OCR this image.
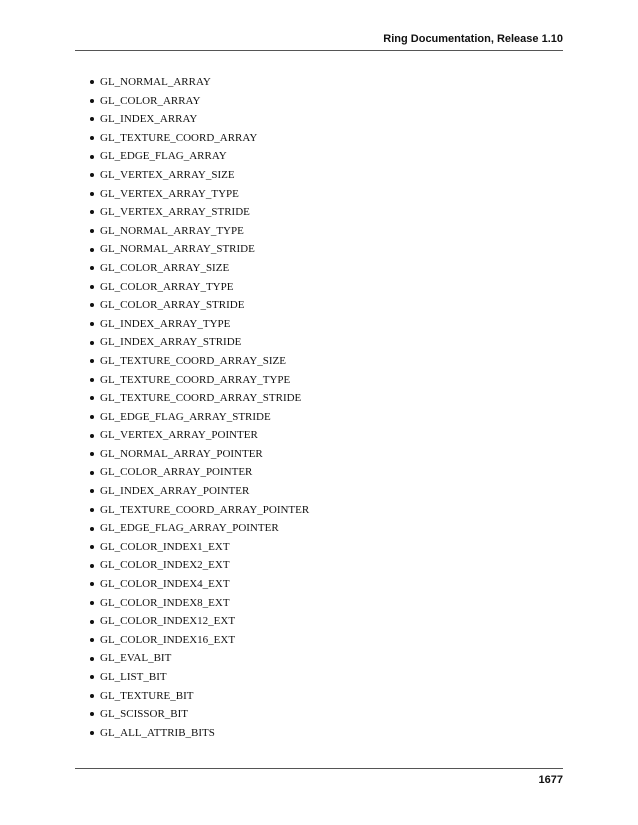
Ring Documentation, Release 1.10
GL_NORMAL_ARRAY
GL_COLOR_ARRAY
GL_INDEX_ARRAY
GL_TEXTURE_COORD_ARRAY
GL_EDGE_FLAG_ARRAY
GL_VERTEX_ARRAY_SIZE
GL_VERTEX_ARRAY_TYPE
GL_VERTEX_ARRAY_STRIDE
GL_NORMAL_ARRAY_TYPE
GL_NORMAL_ARRAY_STRIDE
GL_COLOR_ARRAY_SIZE
GL_COLOR_ARRAY_TYPE
GL_COLOR_ARRAY_STRIDE
GL_INDEX_ARRAY_TYPE
GL_INDEX_ARRAY_STRIDE
GL_TEXTURE_COORD_ARRAY_SIZE
GL_TEXTURE_COORD_ARRAY_TYPE
GL_TEXTURE_COORD_ARRAY_STRIDE
GL_EDGE_FLAG_ARRAY_STRIDE
GL_VERTEX_ARRAY_POINTER
GL_NORMAL_ARRAY_POINTER
GL_COLOR_ARRAY_POINTER
GL_INDEX_ARRAY_POINTER
GL_TEXTURE_COORD_ARRAY_POINTER
GL_EDGE_FLAG_ARRAY_POINTER
GL_COLOR_INDEX1_EXT
GL_COLOR_INDEX2_EXT
GL_COLOR_INDEX4_EXT
GL_COLOR_INDEX8_EXT
GL_COLOR_INDEX12_EXT
GL_COLOR_INDEX16_EXT
GL_EVAL_BIT
GL_LIST_BIT
GL_TEXTURE_BIT
GL_SCISSOR_BIT
GL_ALL_ATTRIB_BITS
1677
